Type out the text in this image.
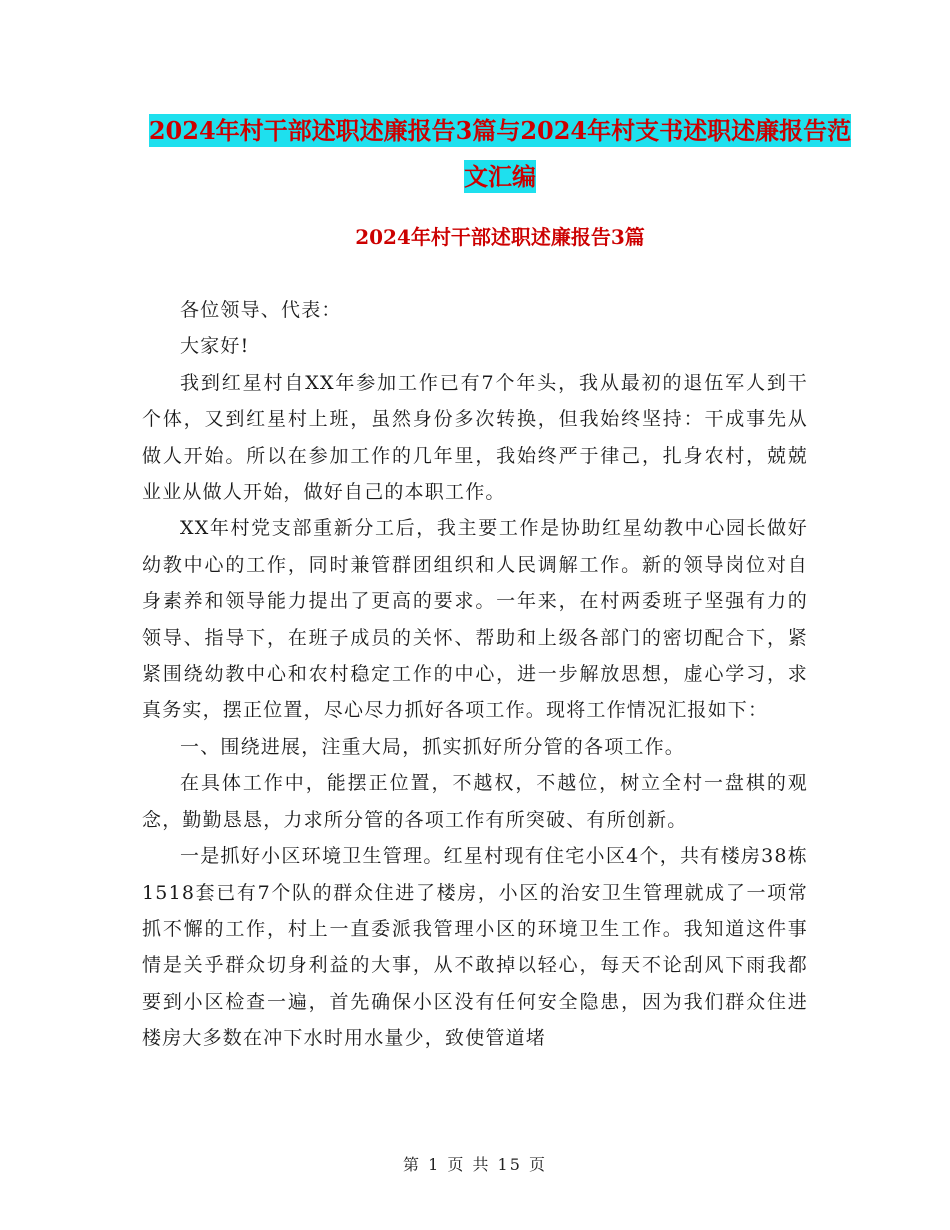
2024年村干部述职述廉报告3篇与2024年村支书述职述廉报告范文汇编
2024年村干部述职述廉报告3篇

各位领导、代表：

大家好!

我到红星村自XX年参加工作已有7个年头，我从最初的退伍军人到干个体，又到红星村上班，虽然身份多次转换，但我始终坚持：干成事先从做人开始。所以在参加工作的几年里，我始终严于律己，扎身农村，兢兢业业从做人开始，做好自己的本职工作。

XX年村党支部重新分工后，我主要工作是协助红星幼教中心园长做好幼教中心的工作，同时兼管群团组织和人民调解工作。新的领导岗位对自身素养和领导能力提出了更高的要求。一年来，在村两委班子坚强有力的领导、指导下，在班子成员的关怀、帮助和上级各部门的密切配合下，紧紧围绕幼教中心和农村稳定工作的中心，进一步解放思想，虚心学习，求真务实，摆正位置，尽心尽力抓好各项工作。现将工作情况汇报如下：

一、围绕进展，注重大局，抓实抓好所分管的各项工作。

在具体工作中，能摆正位置，不越权，不越位，树立全村一盘棋的观念，勤勤恳恳，力求所分管的各项工作有所突破、有所创新。

一是抓好小区环境卫生管理。红星村现有住宅小区4个，共有楼房38栋1518套已有7个队的群众住进了楼房，小区的治安卫生管理就成了一项常抓不懈的工作，村上一直委派我管理小区的环境卫生工作。我知道这件事情是关乎群众切身利益的大事，从不敢掉以轻心，每天不论刮风下雨我都要到小区检查一遍，首先确保小区没有任何安全隐患，因为我们群众住进楼房大多数在冲下水时用水量少，致使管道堵

第 1 页 共 15 页
